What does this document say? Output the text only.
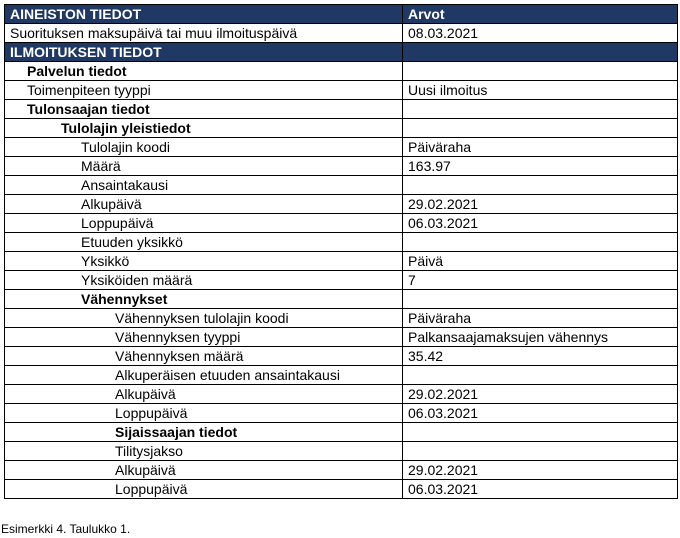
AINEISTON TIEDOT	Arvot
Suorituksen maksupäivä tai muu ilmoituspäivä	08.03.2021
ILMOITUKSEN TIEDOT	
Palvelun tiedot	
Toimenpiteen tyyppi	Uusi ilmoitus
Tulonsaajan tiedot	
Tulolajin yleistiedot	
Tulolajin koodi	Päiväraha
Määrä	163.97
Ansaintakausi	
Alkupäivä	29.02.2021
Loppupäivä	06.03.2021
Etuuden yksikkö	
Yksikkö	Päivä
Yksiköiden määrä	7
Vähennykset	
Vähennyksen tulolajin koodi	Päiväraha
Vähennyksen tyyppi	Palkansaajamaksujen vähennys
Vähennyksen määrä	35.42
Alkuperäisen etuuden ansaintakausi	
Alkupäivä	29.02.2021
Loppupäivä	06.03.2021
Sijaissaajan tiedot	
Tilitysjakso	
Alkupäivä	29.02.2021
Loppupäivä	06.03.2021
Esimerkki 4. Taulukko 1.
